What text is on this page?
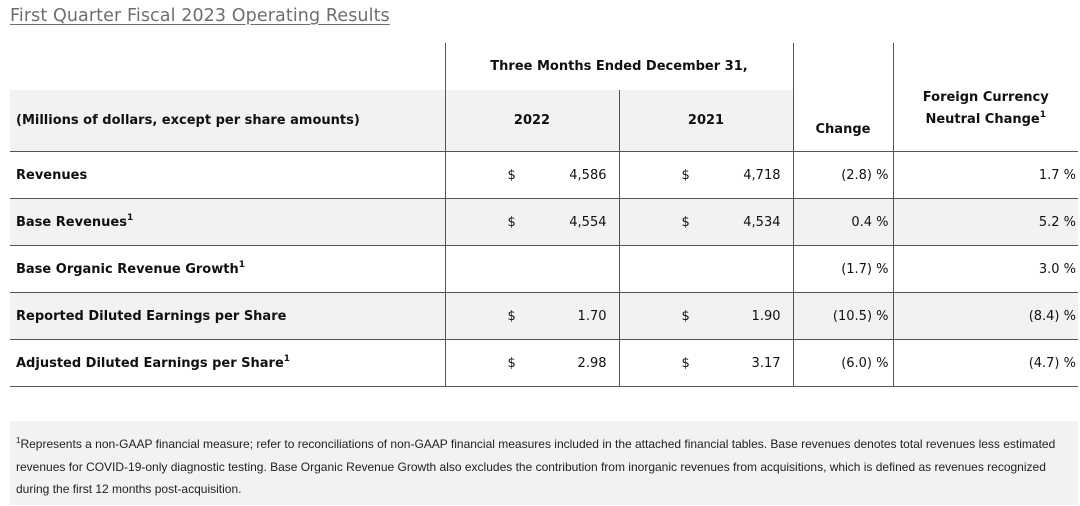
First Quarter Fiscal 2023 Operating Results
	Three Months Ended December 31,			
(Millions of dollars, except per share amounts)	2022	2021	Change	Foreign Currency
Neutral Change$^1$

Revenues	$ 4,586	$ 4,718	(2.8) %	1.7 %
Base Revenues$^1$	$ 4,554	$ 4,534	0.4 %	5.2 %
Base Organic Revenue Growth$^1$			(1.7) %	3.0 %
Reported Diluted Earnings per Share	$ 1.70	$ 1.90	(10.5) %	(8.4) %
Adjusted Diluted Earnings per Share$^1$	$ 2.98	$ 3.17	(6.0) %	(4.7) %
$^1$Represents a non-GAAP financial measure; refer to reconciliations of non-GAAP financial measures included in the attached financial tables. Base revenues denotes total revenues less estimated revenues for COVID-19-only diagnostic testing. Base Organic Revenue Growth also excludes the contribution from inorganic revenues from acquisitions, which is defined as revenues recognized during the first 12 months post-acquisition.
